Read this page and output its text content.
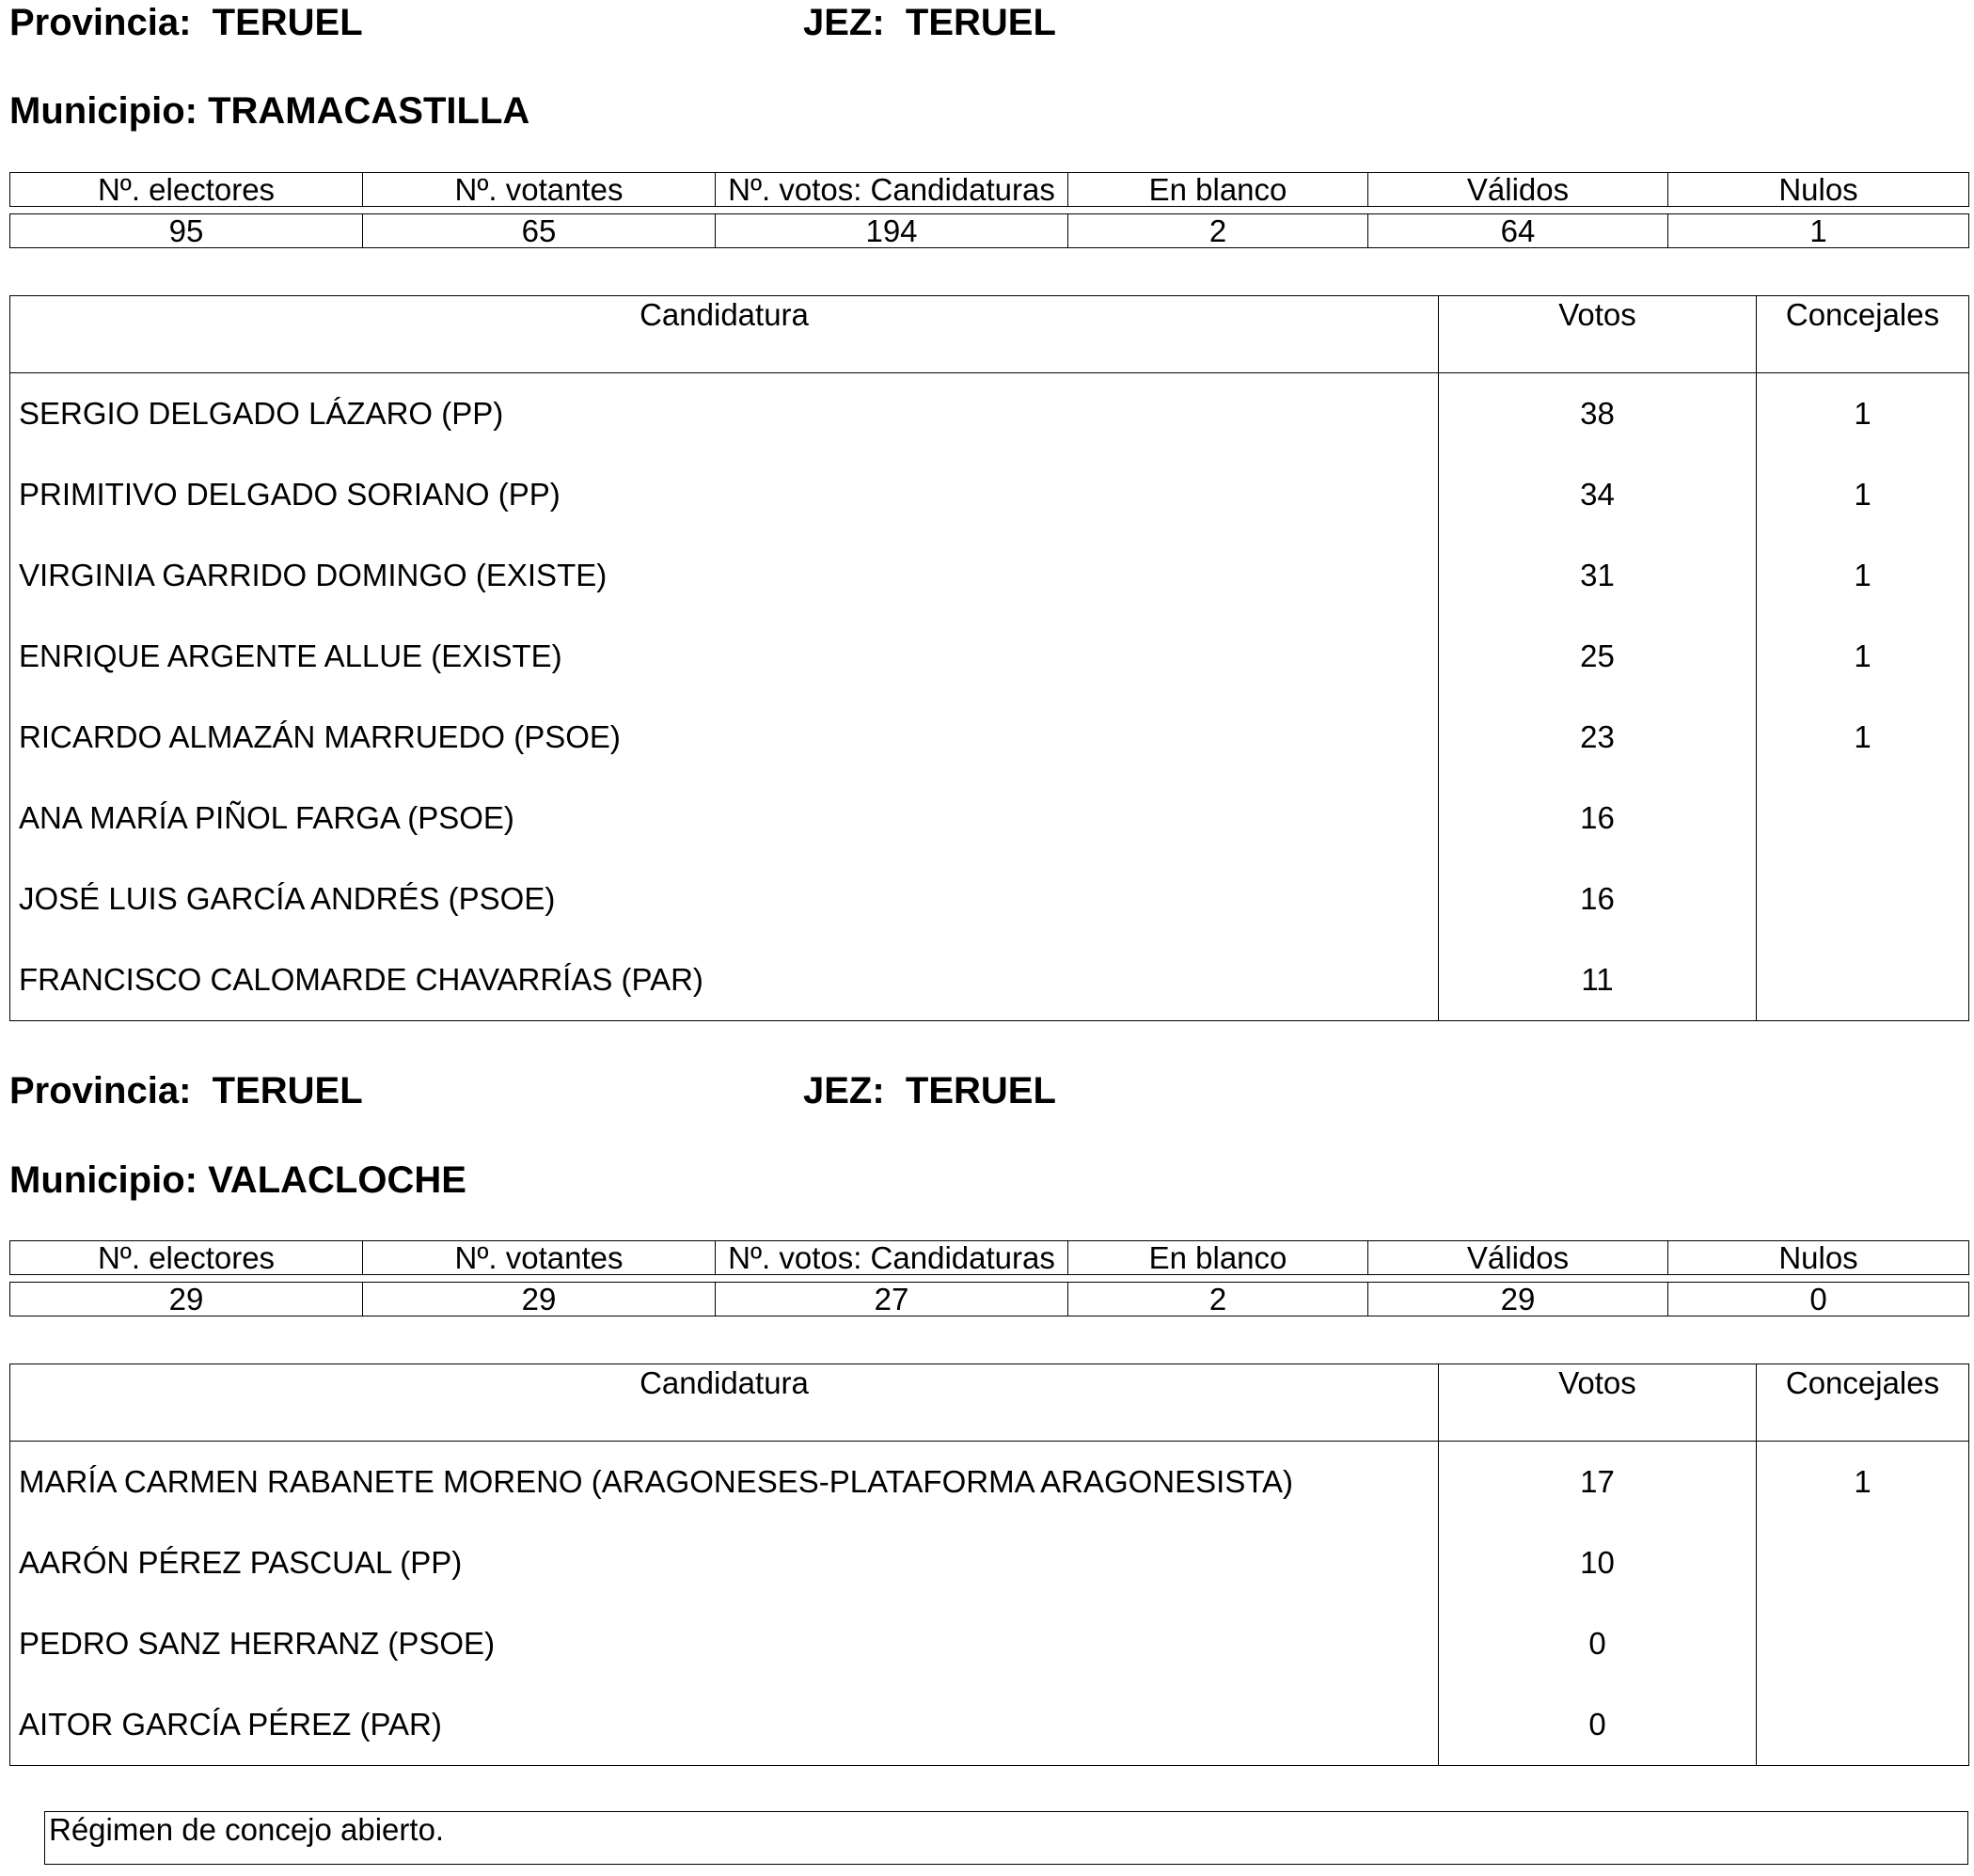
Provincia: TERUEL	JEZ: TERUEL
Municipio: TRAMACASTILLA
Nº. electores	Nº. votantes	Nº. votos: Candidaturas	En blanco	Válidos	Nulos
95	65	194	2	64	1
Candidatura	Votos	Concejales
SERGIO DELGADO LÁZARO (PP)	38	1
PRIMITIVO DELGADO SORIANO (PP)	34	1
VIRGINIA GARRIDO DOMINGO (EXISTE)	31	1
ENRIQUE ARGENTE ALLUE (EXISTE)	25	1
RICARDO ALMAZÁN MARRUEDO (PSOE)	23	1
ANA MARÍA PIÑOL FARGA (PSOE)	16	
JOSÉ LUIS GARCÍA ANDRÉS (PSOE)	16	
FRANCISCO CALOMARDE CHAVARRÍAS (PAR)	11	
Provincia: TERUEL	JEZ: TERUEL
Municipio: VALACLOCHE
Nº. electores	Nº. votantes	Nº. votos: Candidaturas	En blanco	Válidos	Nulos
29	29	27	2	29	0
Candidatura	Votos	Concejales
MARÍA CARMEN RABANETE MORENO (ARAGONESES-PLATAFORMA ARAGONESISTA)	17	1
AARÓN PÉREZ PASCUAL (PP)	10	
PEDRO SANZ HERRANZ (PSOE)	0	
AITOR GARCÍA PÉREZ (PAR)	0	
Régimen de concejo abierto.
